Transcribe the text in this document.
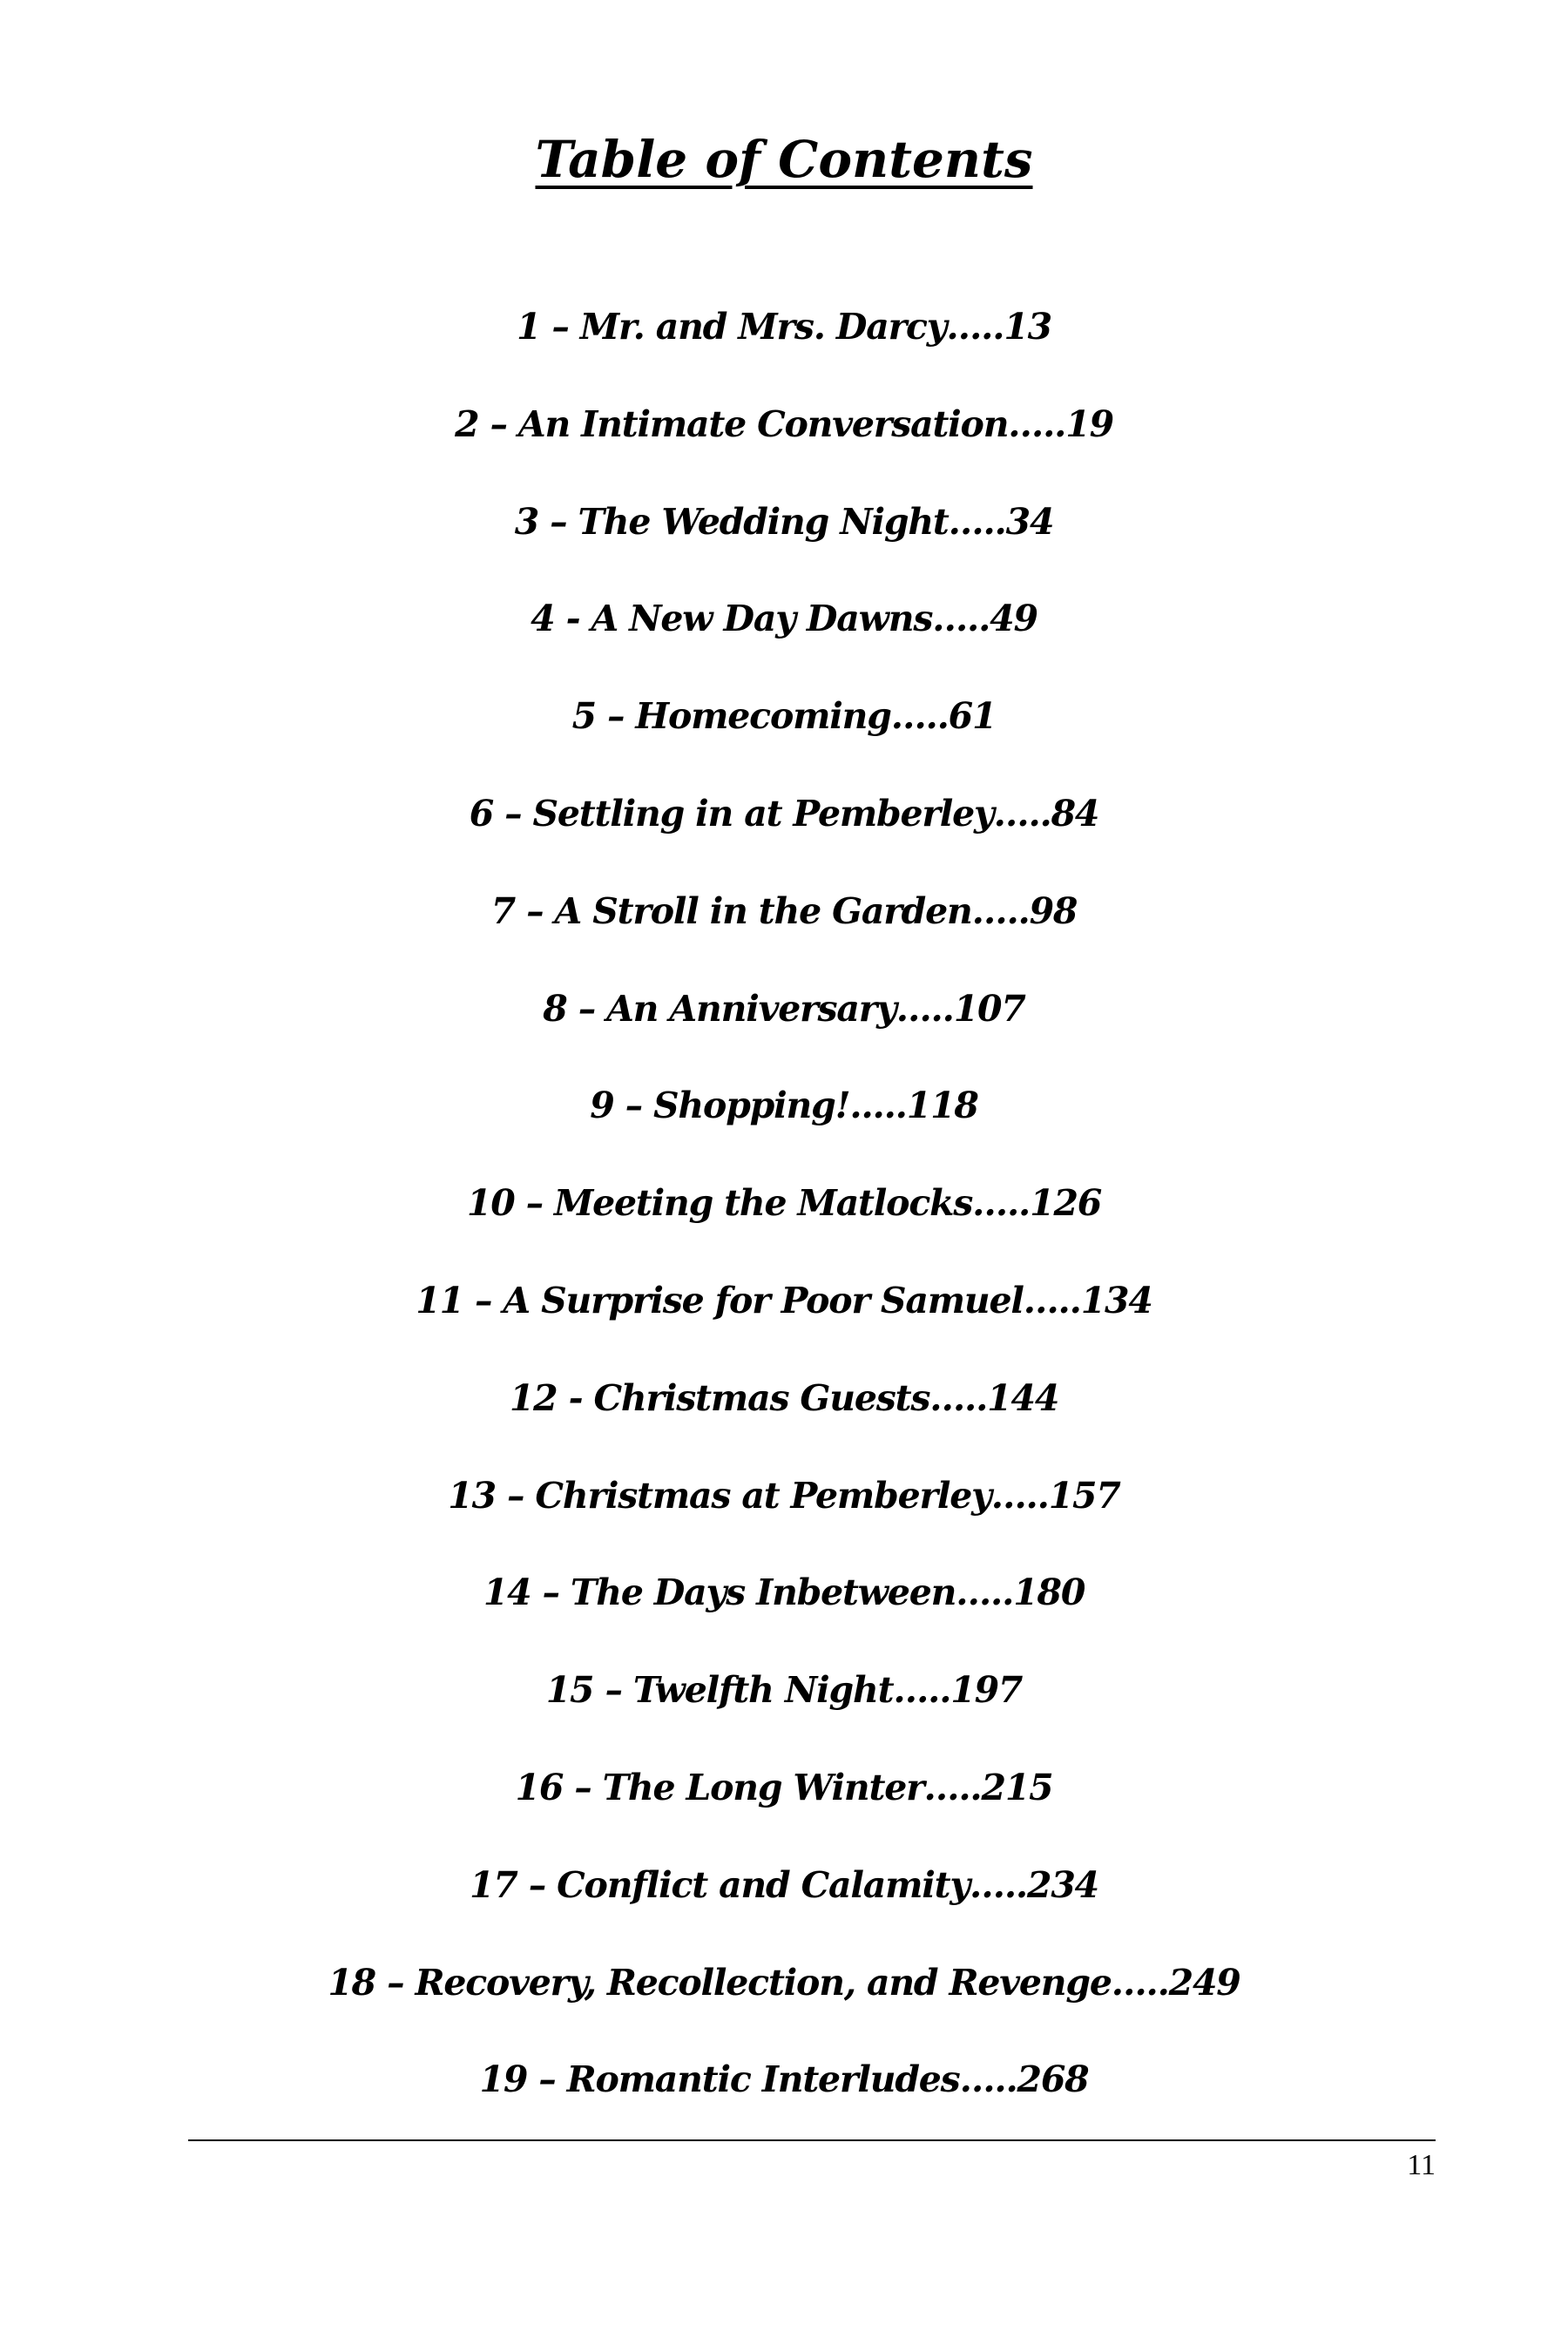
Table of Contents
1 – Mr. and Mrs. Darcy…..13
2 – An Intimate Conversation…..19
3 – The Wedding Night…..34
4 - A New Day Dawns…..49
5 – Homecoming…..61
6 – Settling in at Pemberley…..84
7 – A Stroll in the Garden…..98
8 – An Anniversary…..107
9 – Shopping!.....118
10 – Meeting the Matlocks…..126
11 – A Surprise for Poor Samuel…..134
12 - Christmas Guests…..144
13 – Christmas at Pemberley…..157
14 – The Days Inbetween…..180
15 – Twelfth Night…..197
16 – The Long Winter…..215
17 – Conflict and Calamity…..234
18 – Recovery, Recollection, and Revenge…..249
19 – Romantic Interludes…..268
11
